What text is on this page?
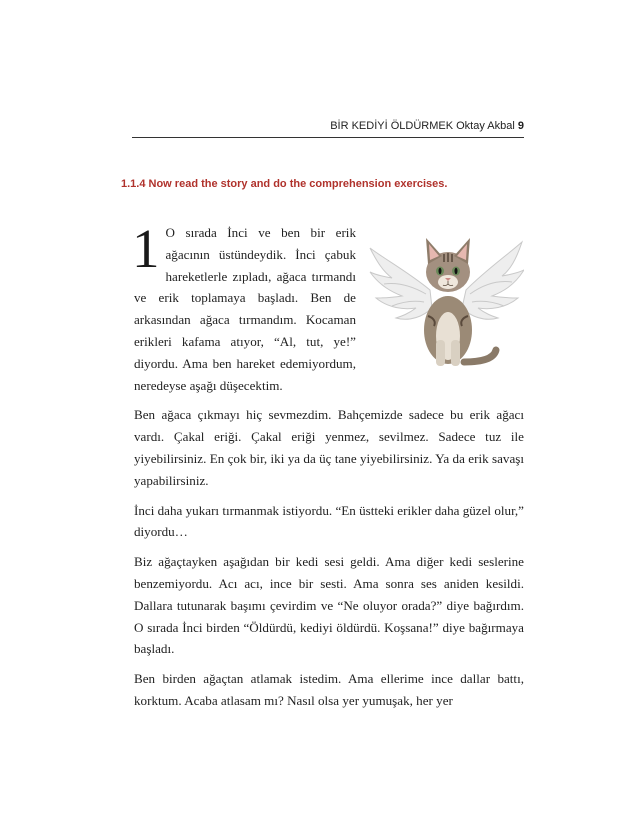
BİR KEDİYİ ÖLDÜRMEK Oktay Akbal 9
1.1.4 Now read the story and do the comprehension exercises.

1 O sırada İnci ve ben bir erik ağacının üstündeydik. İnci çabuk hareketlerle zıpladı, ağaca tırmandı ve erik toplamaya başladı. Ben de arkasından ağaca tırmandım. Kocaman erikleri kafama atıyor, “Al, tut, ye!” diyordu. Ama ben hareket edemiyordum, neredeyse aşağı düşecektim.

Ben ağaca çıkmayı hiç sevmezdim. Bahçemizde sadece bu erik ağacı vardı. Çakal eriği. Çakal eriği yenmez, sevilmez. Sadece tuz ile yiyebilirsiniz. En çok bir, iki ya da üç tane yiyebilirsiniz. Ya da erik savaşı yapabilirsiniz.

İnci daha yukarı tırmanmak istiyordu. “En üstteki erikler daha güzel olur,” diyordu…

Biz ağaçtayken aşağıdan bir kedi sesi geldi. Ama diğer kedi seslerine benzemiyordu. Acı acı, ince bir sesti. Ama sonra ses aniden kesildi. Dallara tutunarak başımı çevirdim ve “Ne oluyor orada?” diye bağırdım. O sırada İnci birden “Öldürdü, kediyi öldürdü. Koşsana!” diye bağırmaya başladı.

Ben birden ağaçtan atlamak istedim. Ama ellerime ince dallar battı, korktum. Acaba atlasam mı? Nasıl olsa yer yumuşak, her yer
